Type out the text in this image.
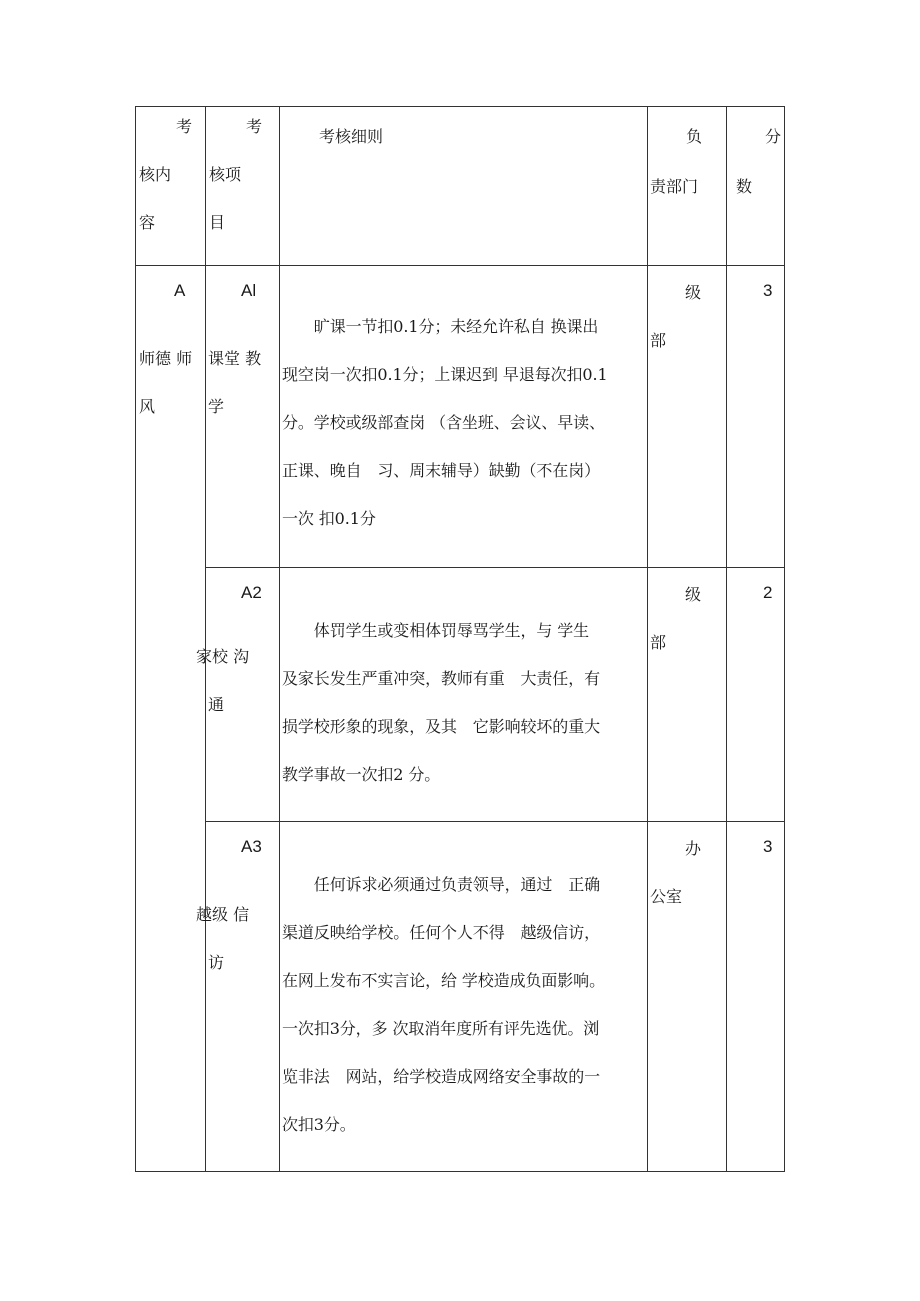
考
核内
容
考
核项
目
考核细则	负
责部门
分
数
A
师德 师
风
Al
课堂 教
学
　　旷课一节扣0.1分；未经允许私自 换课出
现空岗一次扣0.1分；上课迟到 早退每次扣0.1
分。学校或级部查岗 （含坐班、会议、早读、
正课、晚自　习、周末辅导）缺勤（不在岗）
一次 扣0.1分
级
部
3
A2
家校 沟
通
　　体罚学生或变相体罚辱骂学生，与 学生
及家长发生严重冲突，教师有重　大责任，有
损学校形象的现象，及其　它影响较坏的重大
教学事故一次扣2 分。
级
部
2
A3
越级 信
访
　　任何诉求必须通过负责领导，通过　正确
渠道反映给学校。任何个人不得　越级信访，
在网上发布不实言论，给 学校造成负面影响。
一次扣3分，多 次取消年度所有评先选优。浏
览非法　网站，给学校造成网络安全事故的一
次扣3分。
办
公室
3
